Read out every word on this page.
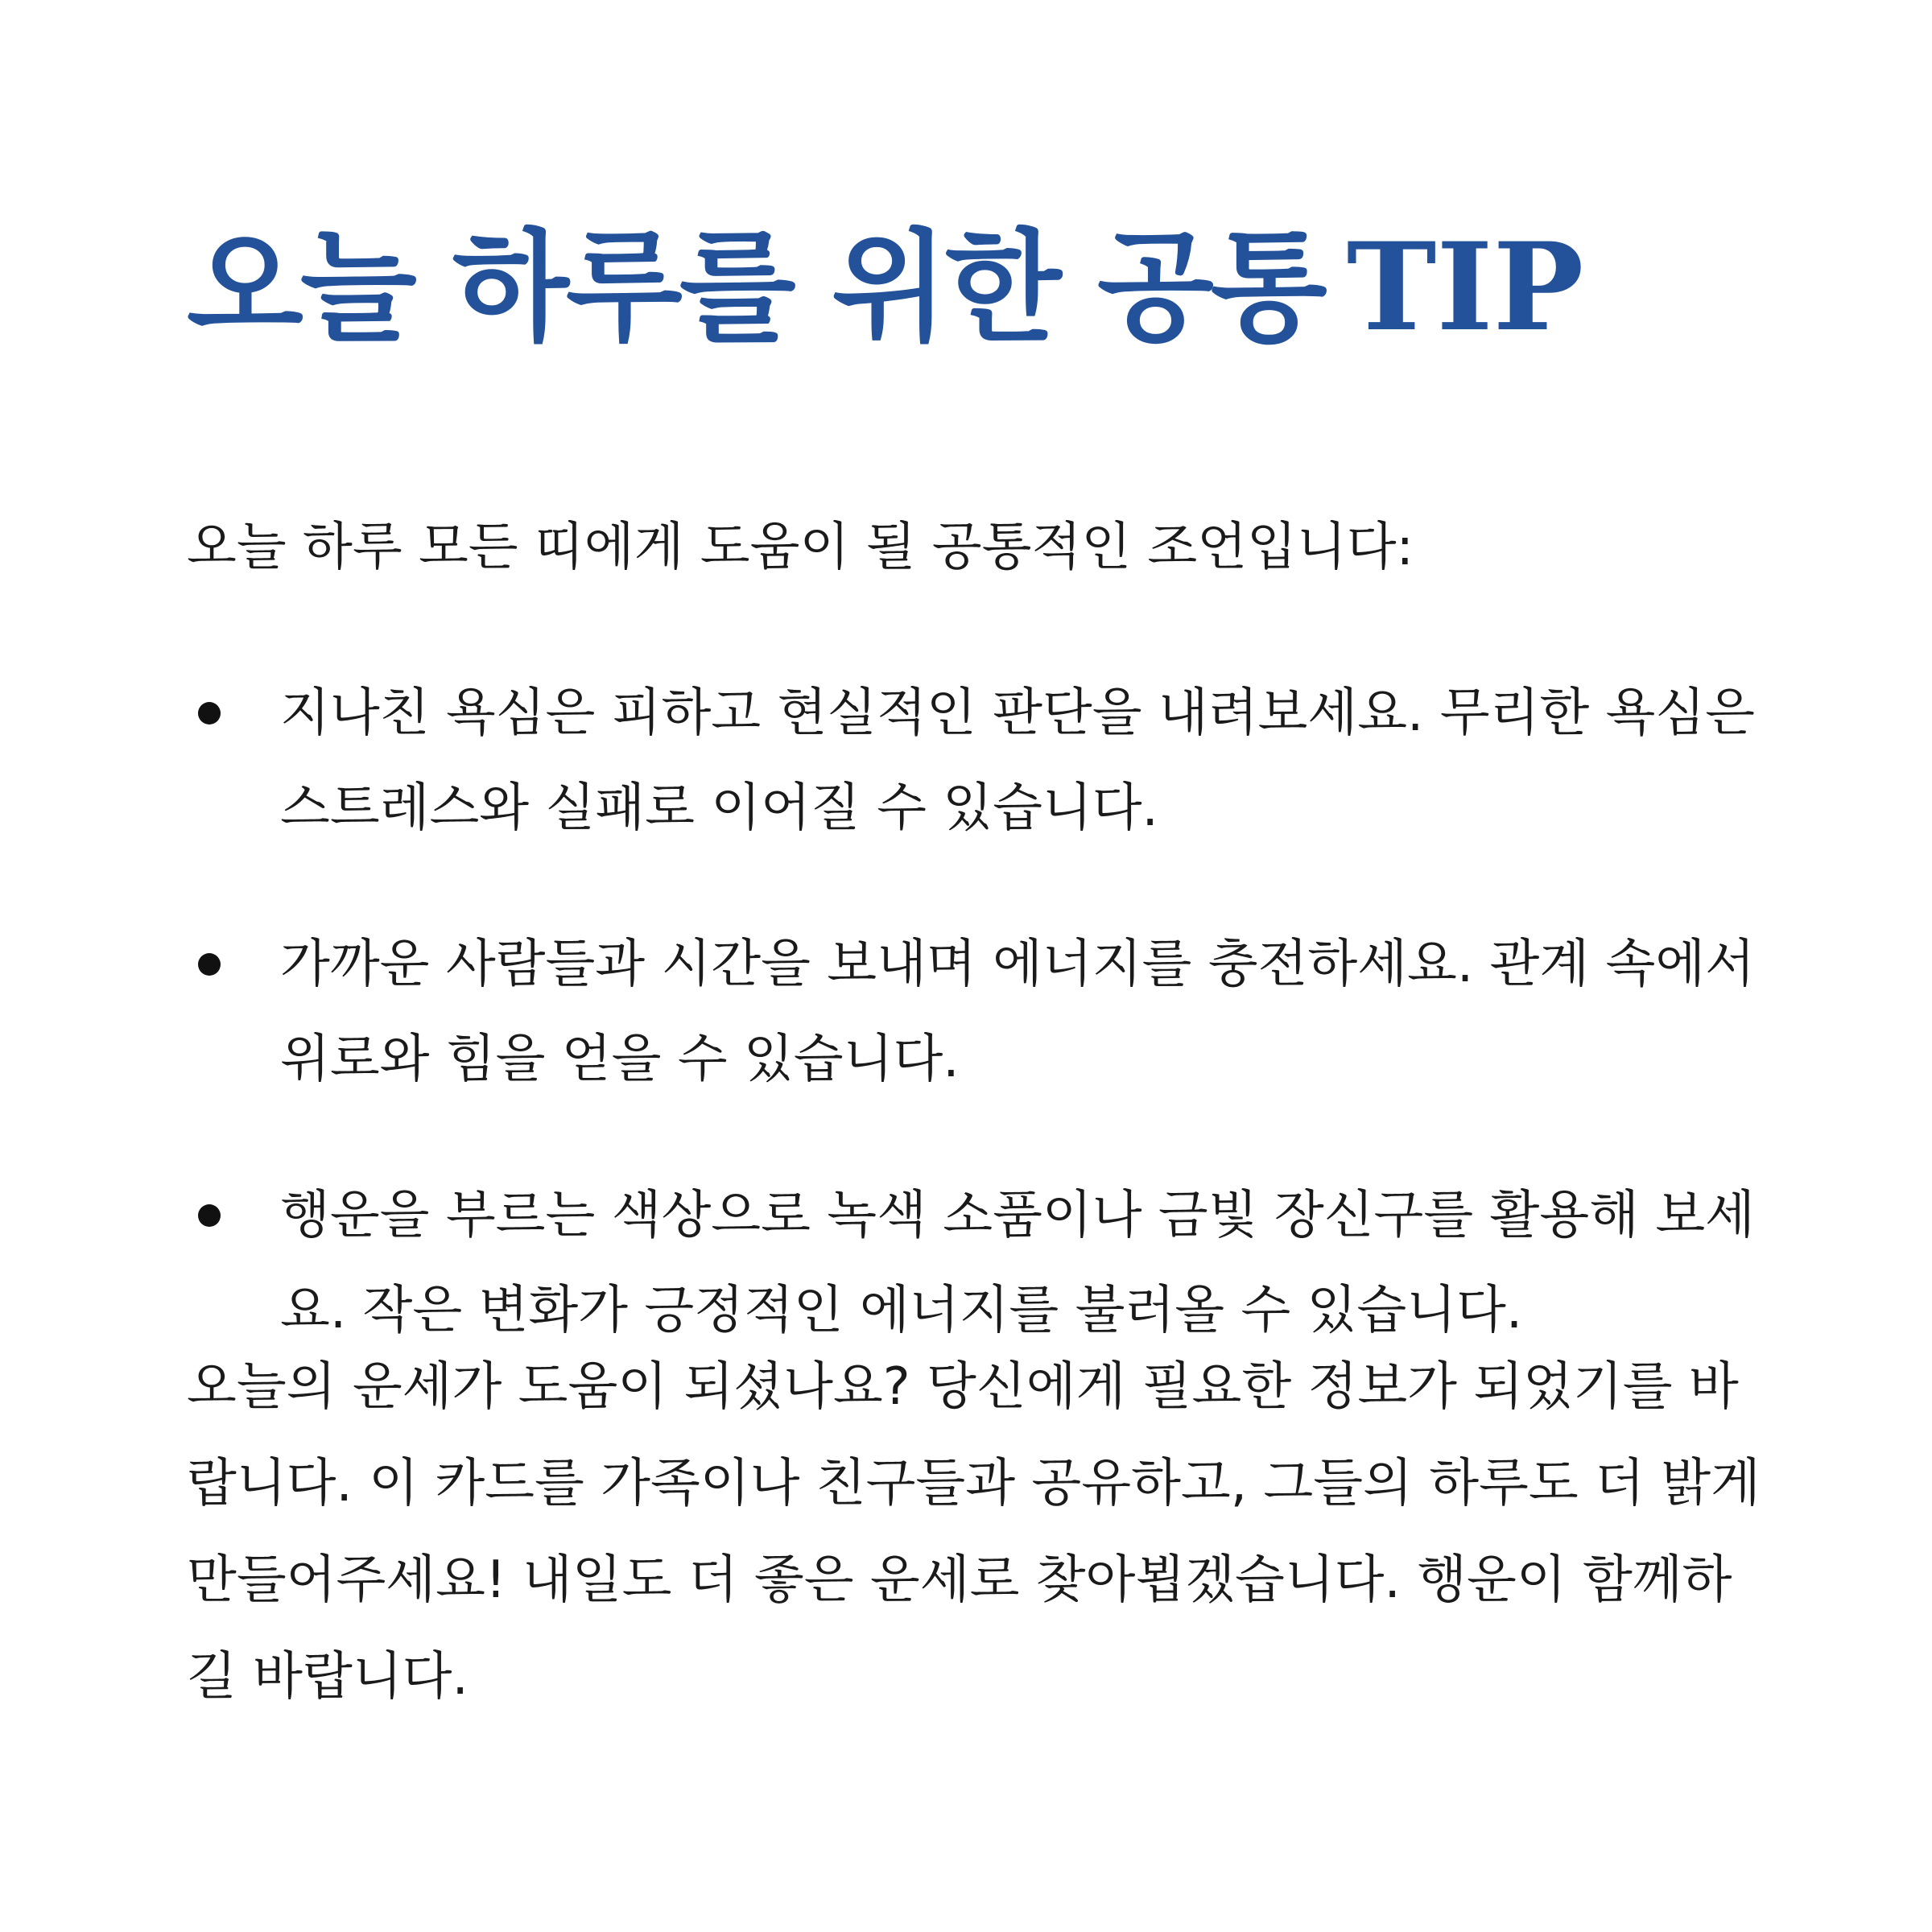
오늘 하루를 위한 공통 TIP

오늘 하루 모든 띠에게 도움이 될 공통적인 조언입니다:

지나친 욕심은 피하고 현실적인 판단을 내려보세요. 무리한 욕심은 스트레스와 실패로 이어질 수 있습니다.
가까운 사람들과 시간을 보내며 에너지를 충전하세요. 관계 속에서 위로와 힘을 얻을 수 있습니다.
행운을 부르는 색상으로 녹색 소품이나 금빛 장신구를 활용해 보세요. 작은 변화가 긍정적인 에너지를 불러올 수 있습니다.

오늘의 운세가 도움이 되셨나요? 당신에게 필요한 정보가 되었기를 바랍니다. 이 카드를 가족이나 친구들과 공유하고, 그들의 하루도 더 밝게 만들어주세요! 내일도 더 좋은 운세로 찾아뵙겠습니다. 행운이 함께하길 바랍니다.
